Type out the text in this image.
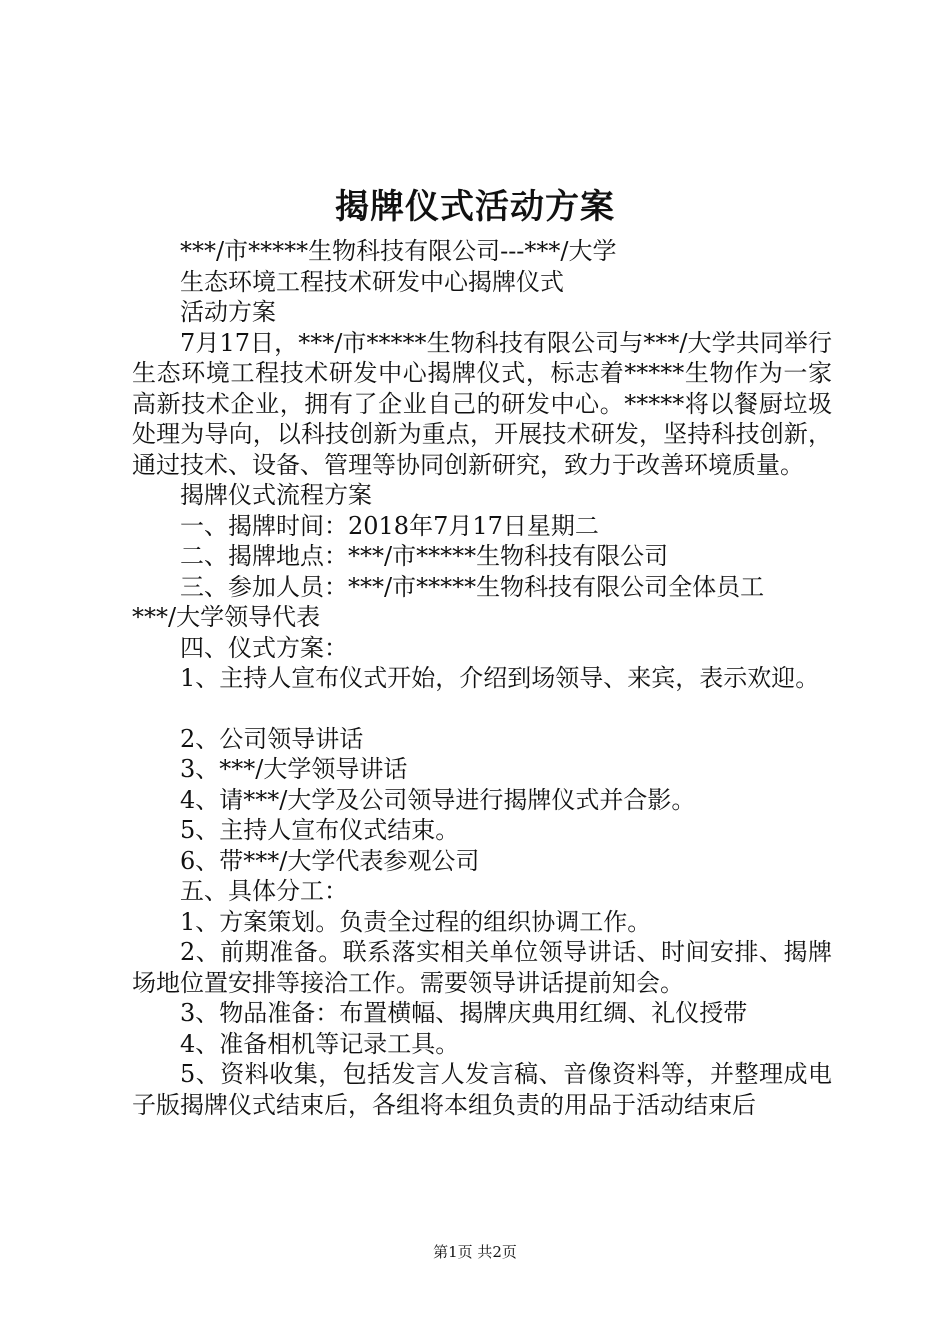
揭牌仪式活动方案

***/市*****生物科技有限公司---***/大学

生态环境工程技术研发中心揭牌仪式

活动方案

7月17日，***/市*****生物科技有限公司与***/大学共同举行生态环境工程技术研发中心揭牌仪式，标志着*****生物作为一家高新技术企业，拥有了企业自己的研发中心。*****将以餐厨垃圾处理为导向，以科技创新为重点，开展技术研发，坚持科技创新，通过技术、设备、管理等协同创新研究，致力于改善环境质量。

揭牌仪式流程方案

一、揭牌时间：2018年7月17日星期二

二、揭牌地点：***/市*****生物科技有限公司

三、参加人员：***/市*****生物科技有限公司全体员工

***/大学领导代表

四、仪式方案：

1、主持人宣布仪式开始，介绍到场领导、来宾，表示欢迎。

2、公司领导讲话

3、***/大学领导讲话

4、请***/大学及公司领导进行揭牌仪式并合影。

5、主持人宣布仪式结束。

6、带***/大学代表参观公司

五、具体分工：

1、方案策划。负责全过程的组织协调工作。

2、前期准备。联系落实相关单位领导讲话、时间安排、揭牌场地位置安排等接洽工作。需要领导讲话提前知会。

3、物品准备：布置横幅、揭牌庆典用红绸、礼仪授带

4、准备相机等记录工具。

5、资料收集，包括发言人发言稿、音像资料等，并整理成电子版揭牌仪式结束后，各组将本组负责的用品于活动结束后

第1页 共2页
